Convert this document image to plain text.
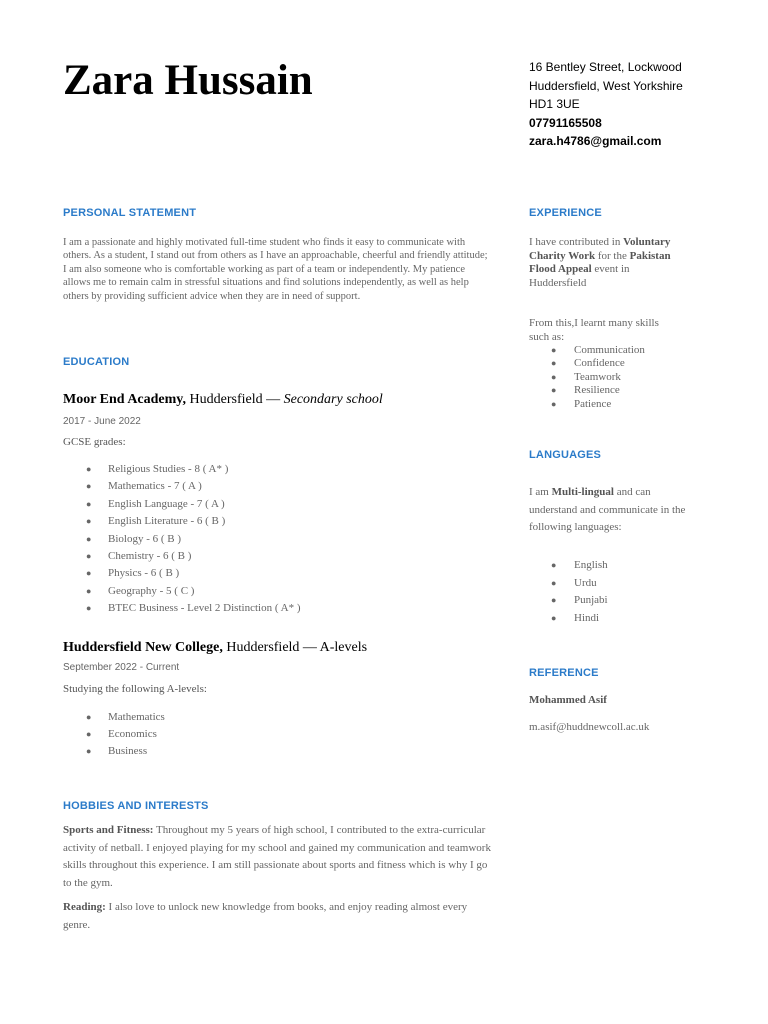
Zara Hussain	16 Bentley Street, Lockwood
Huddersfield, West Yorkshire
HD1 3UE
07791165508
zara.h4786@gmail.com
PERSONAL STATEMENT
I am a passionate and highly motivated full-time student who finds it easy to communicate with others. As a student, I stand out from others as I have an approachable, cheerful and friendly attitude; I am also someone who is comfortable working as part of a team or independently. My patience allows me to remain calm in stressful situations and find solutions independently, as well as help others by providing sufficient advice when they are in need of support.
EDUCATION
Moor End Academy, Huddersfield — Secondary school
2017 - June 2022
GCSE grades:
● Religious Studies - 8 ( A* )
● Mathematics - 7 ( A )
● English Language - 7 ( A )
● English Literature - 6 ( B )
● Biology - 6 ( B )
● Chemistry - 6 ( B )
● Physics - 6 ( B )
● Geography - 5 ( C )
● BTEC Business - Level 2 Distinction ( A* )
Huddersfield New College, Huddersfield — A-levels
September 2022 - Current
Studying the following A-levels:
● Mathematics
● Economics
● Business
HOBBIES AND INTERESTS

Sports and Fitness: Throughout my 5 years of high school, I contributed to the extra-curricular activity of netball. I enjoyed playing for my school and gained my communication and teamwork skills throughout this experience. I am still passionate about sports and fitness which is why I go to the gym.

Reading: I also love to unlock new knowledge from books, and enjoy reading almost every genre.

EXPERIENCE
I have contributed in Voluntary Charity Work for the Pakistan Flood Appeal event in Huddersfield
From this,I learnt many skills such as:
● Communication
● Confidence
● Teamwork
● Resilience
● Patience
LANGUAGES
I am Multi-lingual and can understand and communicate in the following languages:
● English
● Urdu
● Punjabi
● Hindi
REFERENCE
Mohammed Asif
m.asif@huddnewcoll.ac.uk
